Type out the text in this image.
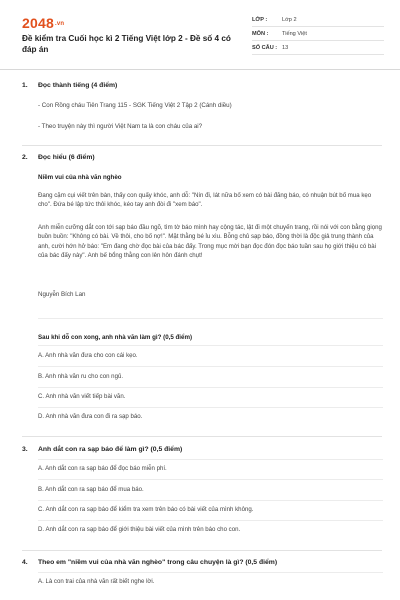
2048.vn
Đề kiểm tra Cuối học kì 2 Tiếng Việt lớp 2 - Đề số 4 có đáp án
LỚP :	Lớp 2
MÔN :	Tiếng Việt
SỐ CÂU : 13
1.	Đọc thành tiếng (4 điểm)
- Con Rồng cháu Tiên Trang 115 - SGK Tiếng Việt 2 Tập 2 (Cánh diều)
- Theo truyện này thì người Việt Nam ta là con cháu của ai?
2.	Đọc hiểu (6 điểm)
Niềm vui của nhà văn nghèo
Đang cặm cụi viết trên bàn, thấy con quấy khóc, anh dỗ: "Nín đi, lát nữa bố xem có bài đăng báo, có nhuận bút bố mua kẹo cho". Đứa bé lập tức thôi khóc, kéo tay anh đòi đi "xem báo".
Anh miễn cưỡng dắt con tới sạp báo đầu ngõ, tìm tờ báo mình hay cộng tác, lật đi một chuyến trang, rồi nói với con bằng giọng buồn buồn: "Không có bài. Về thôi, cho bố nợ!". Mặt thằng bé ỉu xìu. Bỗng chủ sạp báo, đồng thời là độc giả trung thành của anh, cười hớn hở báo: "Em đang chờ đọc bài của bác đấy. Trong mục mời bạn đọc đón đọc báo tuần sau họ giới thiệu có bài của bác đấy này". Anh bế bổng thằng con lên hôn đánh chụt!
Nguyễn Bích Lan
Sau khi dỗ con xong, anh nhà văn làm gì? (0,5 điểm)
A. Anh nhà văn đưa cho con cái kẹo.
B. Anh nhà văn ru cho con ngủ.
C. Anh nhà văn viết tiếp bài văn.
D. Anh nhà văn đưa con đi ra sạp báo.
3.	Anh dắt con ra sạp báo để làm gì? (0,5 điểm)
A. Anh dắt con ra sạp báo để đọc báo miễn phí.
B. Anh dắt con ra sạp báo để mua báo.
C. Anh dắt con ra sạp báo để kiểm tra xem trên báo có bài viết của mình không.
D. Anh dắt con ra sạp báo để giới thiệu bài viết của mình trên báo cho con.
4.	Theo em "niềm vui của nhà văn nghèo" trong câu chuyện là gì? (0,5 điểm)
A. Là con trai của nhà văn rất biết nghe lời.
